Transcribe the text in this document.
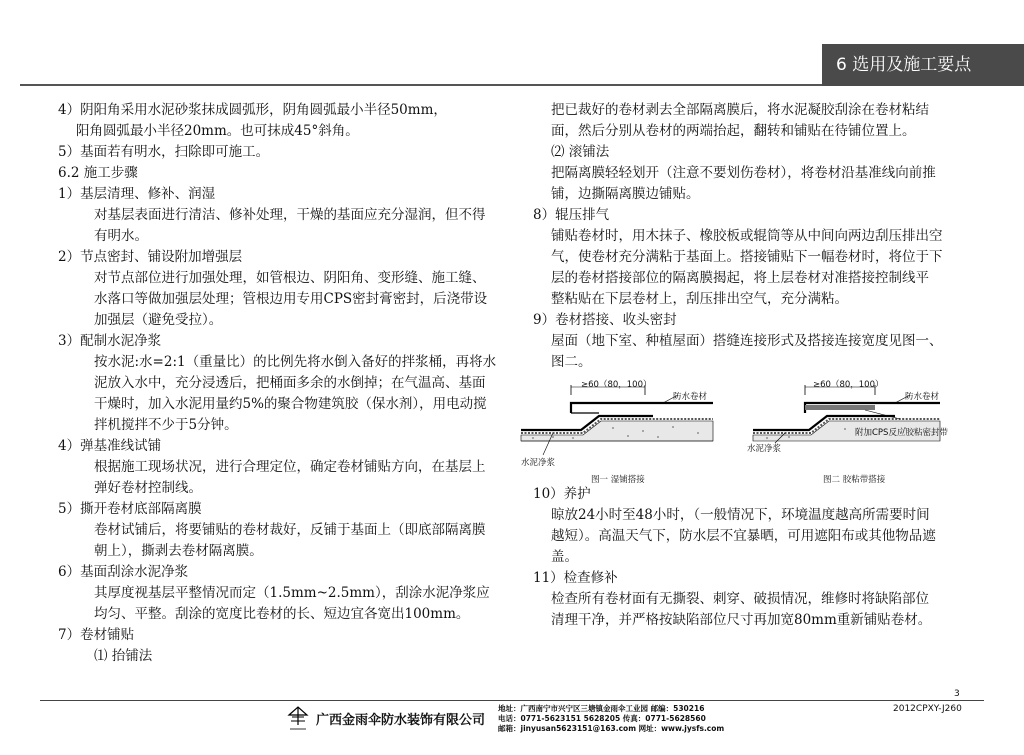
6 选用及施工要点
4）阴阳角采用水泥砂浆抹成圆弧形，阴角圆弧最小半径50mm，
阳角圆弧最小半径20mm。也可抹成45°斜角。
5）基面若有明水，扫除即可施工。
6.2 施工步骤
1）基层清理、修补、润湿
对基层表面进行清洁、修补处理，干燥的基面应充分湿润，但不得
有明水。
2）节点密封、铺设附加增强层
对节点部位进行加强处理，如管根边、阴阳角、变形缝、施工缝、
水落口等做加强层处理；管根边用专用CPS密封膏密封，后浇带设
加强层（避免受拉）。
3）配制水泥净浆
按水泥:水=2:1（重量比）的比例先将水倒入备好的拌浆桶，再将水
泥放入水中，充分浸透后，把桶面多余的水倒掉；在气温高、基面
干燥时，加入水泥用量约5%的聚合物建筑胶（保水剂），用电动搅
拌机搅拌不少于5分钟。
4）弹基准线试铺
根据施工现场状况，进行合理定位，确定卷材铺贴方向，在基层上
弹好卷材控制线。
5）撕开卷材底部隔离膜
卷材试铺后，将要铺贴的卷材裁好，反铺于基面上（即底部隔离膜
朝上），撕剥去卷材隔离膜。
6）基面刮涂水泥净浆
其厚度视基层平整情况而定（1.5mm~2.5mm），刮涂水泥净浆应
均匀、平整。刮涂的宽度比卷材的长、短边宜各宽出100mm。
7）卷材铺贴
⑴ 抬铺法
把已裁好的卷材剥去全部隔离膜后，将水泥凝胶刮涂在卷材粘结
面，然后分别从卷材的两端抬起，翻转和铺贴在待铺位置上。
⑵ 滚铺法
把隔离膜轻轻划开（注意不要划伤卷材），将卷材沿基准线向前推
铺，边撕隔离膜边铺贴。
8）辊压排气
铺贴卷材时，用木抹子、橡胶板或辊筒等从中间向两边刮压排出空
气，使卷材充分满粘于基面上。搭接铺贴下一幅卷材时，将位于下
层的卷材搭接部位的隔离膜揭起，将上层卷材对准搭接控制线平
整粘贴在下层卷材上，刮压排出空气，充分满粘。
9）卷材搭接、收头密封
屋面（地下室、种植屋面）搭缝连接形式及搭接连接宽度见图一、
图二。
≥60（80，100）
防水卷材
水泥净浆
图一 湿铺搭接
≥60（80，100）
防水卷材
附加CPS反应胶粘密封带
水泥净浆
图二 胶粘带搭接
10）养护
晾放24小时至48小时，（一般情况下，环境温度越高所需要时间
越短）。高温天气下，防水层不宜暴晒，可用遮阳布或其他物品遮
盖。
11）检查修补
检查所有卷材面有无撕裂、刺穿、破损情况，维修时将缺陷部位
清理干净，并严格按缺陷部位尺寸再加宽80mm重新铺贴卷材。
3
2012CPXY-J260
广西金雨伞防水装饰有限公司
地址：广西南宁市兴宁区三塘镇金雨伞工业园 邮编：530216
电话：0771-5623151 5628205 传真：0771-5628560
邮箱：jinyusan5623151@163.com 网址：www.jysfs.com
